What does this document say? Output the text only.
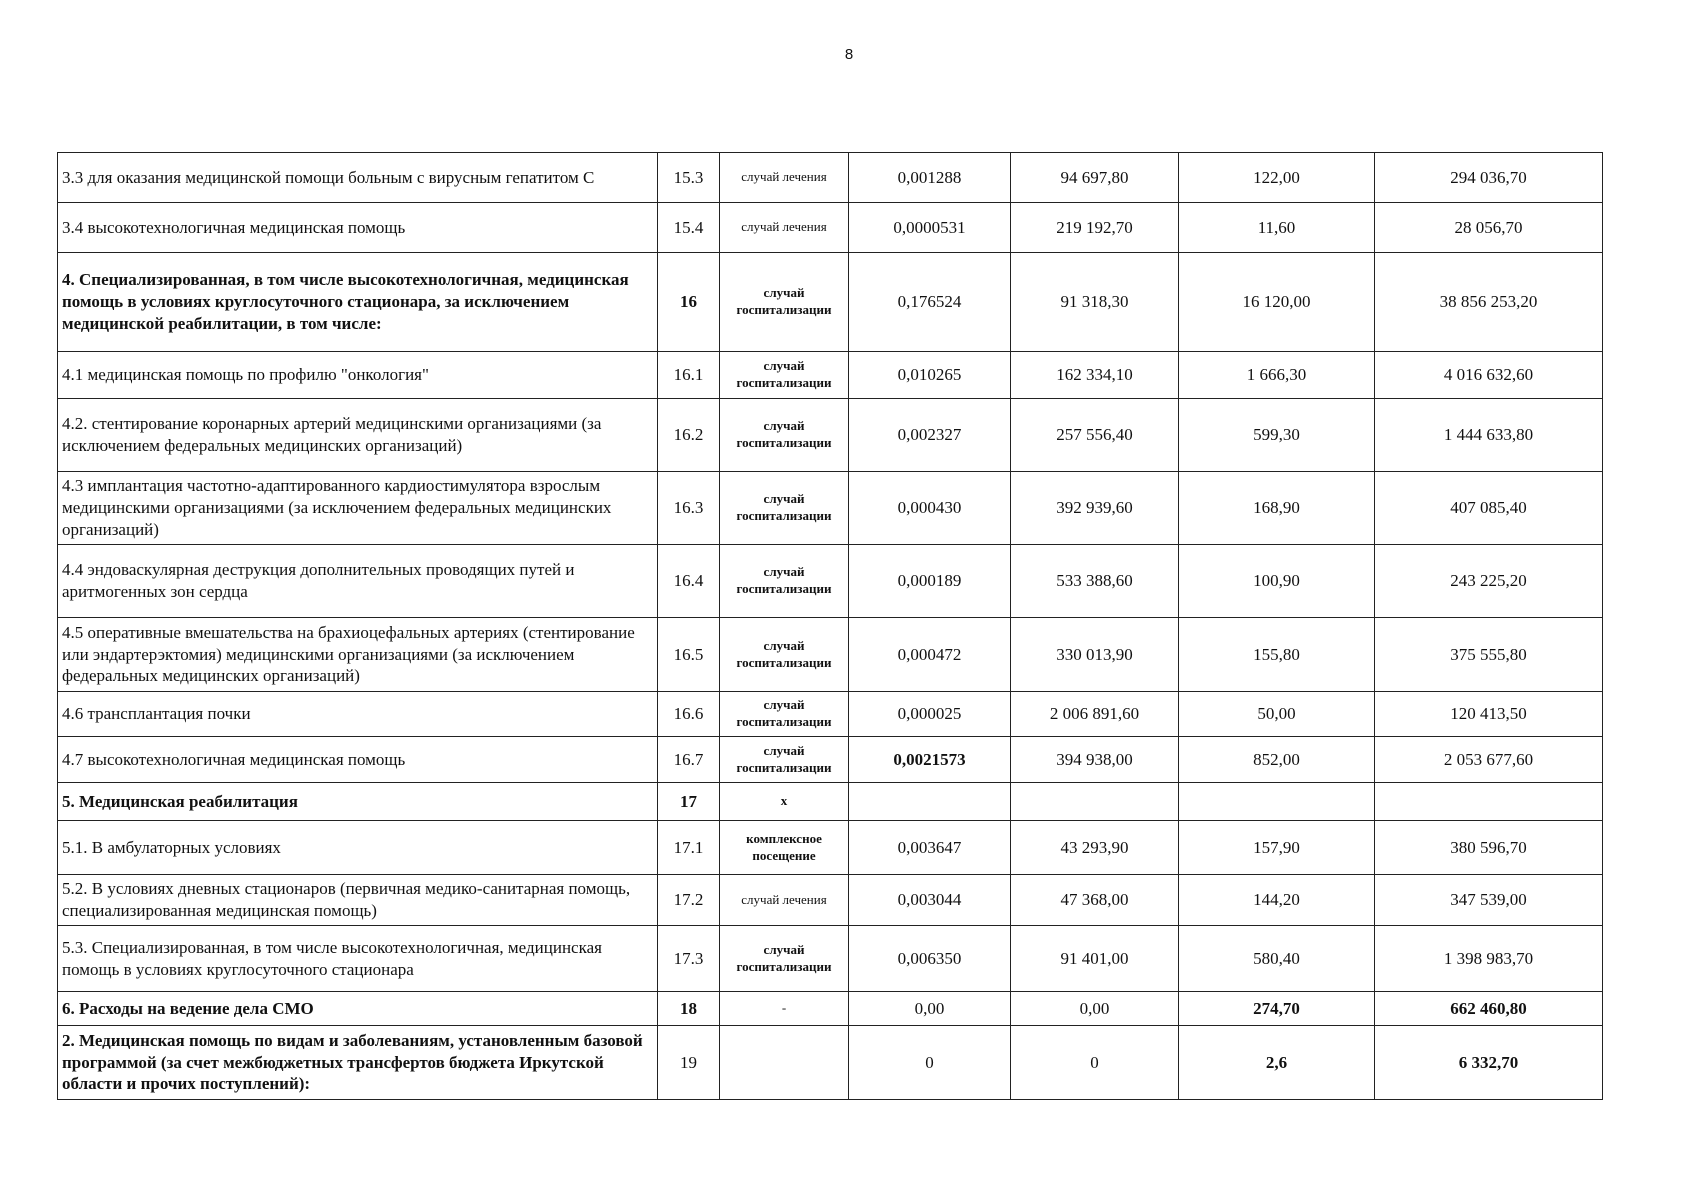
8
3.3 для оказания медицинской помощи больным с вирусным гепатитом С	15.3	случай лечения	0,001288	94 697,80	122,00	294 036,70
3.4 высокотехнологичная медицинская помощь	15.4	случай лечения	0,0000531	219 192,70	11,60	28 056,70
4. Специализированная, в том числе высокотехнологичная, медицинская помощь в условиях круглосуточного стационара, за исключением медицинской реабилитации, в том числе:	16	случай госпитализации	0,176524	91 318,30	16 120,00	38 856 253,20
4.1 медицинская помощь по профилю "онкология"	16.1	случай госпитализации	0,010265	162 334,10	1 666,30	4 016 632,60
4.2. стентирование коронарных артерий медицинскими организациями (за исключением федеральных медицинских организаций)	16.2	случай госпитализации	0,002327	257 556,40	599,30	1 444 633,80
4.3 имплантация частотно-адаптированного кардиостимулятора взрослым медицинскими организациями (за исключением федеральных медицинских организаций)	16.3	случай госпитализации	0,000430	392 939,60	168,90	407 085,40
4.4 эндоваскулярная деструкция дополнительных проводящих путей и аритмогенных зон сердца	16.4	случай госпитализации	0,000189	533 388,60	100,90	243 225,20
4.5 оперативные вмешательства на брахиоцефальных артериях (стентирование или эндартерэктомия) медицинскими организациями (за исключением федеральных медицинских организаций)	16.5	случай госпитализации	0,000472	330 013,90	155,80	375 555,80
4.6 трансплантация почки	16.6	случай госпитализации	0,000025	2 006 891,60	50,00	120 413,50
4.7 высокотехнологичная медицинская помощь	16.7	случай госпитализации	0,0021573	394 938,00	852,00	2 053 677,60
5. Медицинская реабилитация	17	х				
5.1. В амбулаторных условиях	17.1	комплексное посещение	0,003647	43 293,90	157,90	380 596,70
5.2. В условиях дневных стационаров (первичная медико-санитарная помощь, специализированная медицинская помощь)	17.2	случай лечения	0,003044	47 368,00	144,20	347 539,00
5.3. Специализированная, в том числе высокотехнологичная, медицинская помощь в условиях круглосуточного стационара	17.3	случай госпитализации	0,006350	91 401,00	580,40	1 398 983,70
6. Расходы на ведение дела СМО	18	-	0,00	0,00	274,70	662 460,80
2. Медицинская помощь по видам и заболеваниям, установленным базовой программой (за счет межбюджетных трансфертов бюджета Иркутской области и прочих поступлений):	19		0	0	2,6	6 332,70
